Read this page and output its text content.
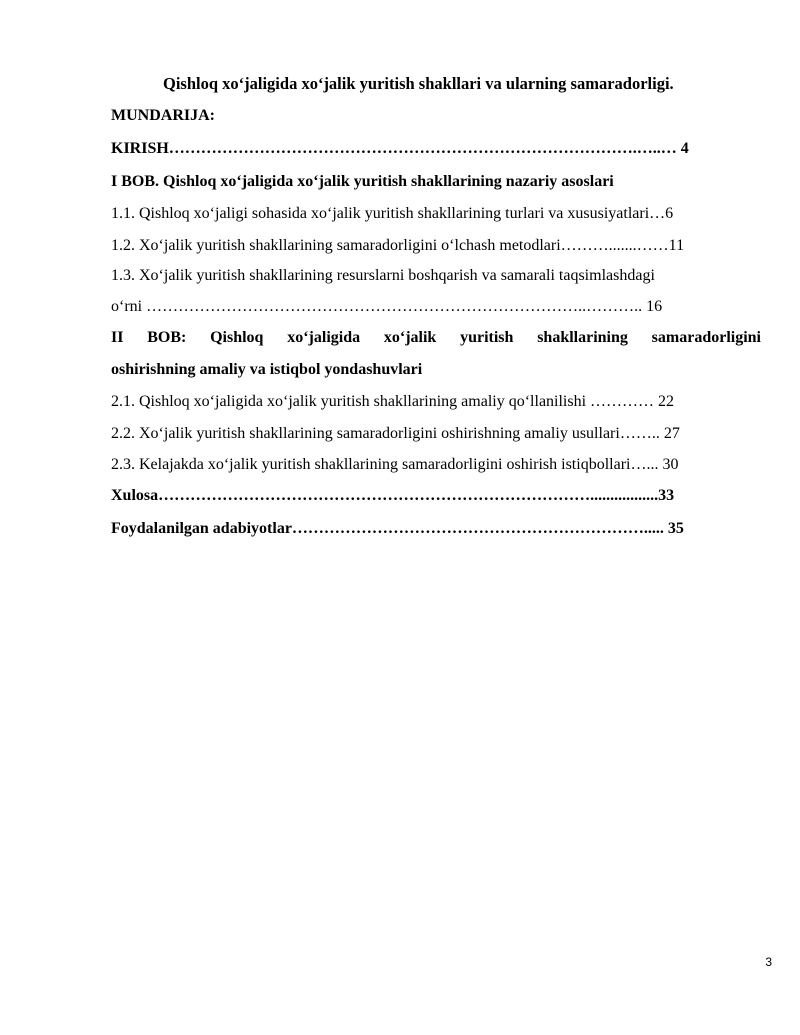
Qishloq xo‘jaligida xo‘jalik yuritish shakllari va ularning samaradorligi.
MUNDARIJA:
KIRISH…………………………………………………………………………….…..… 4
I BOB. Qishloq xo‘jaligida xo‘jalik yuritish shakllarining nazariy asoslari
1.1. Qishloq xo‘jaligi sohasida xo‘jalik yuritish shakllarining turlari va xususiyatlari…6
1.2. Xo‘jalik yuritish shakllarining samaradorligini o‘lchash metodlari……….......……11
1.3. Xo‘jalik yuritish shakllarining resurslarni boshqarish va samarali taqsimlashdagi
o‘rni ………………………………………………………………………..……….. 16
II BOB: Qishloq xo‘jaligida xo‘jalik yuritish shakllarining samaradorligini
oshirishning amaliy va istiqbol yondashuvlari
2.1. Qishloq xo‘jaligida xo‘jalik yuritish shakllarining amaliy qo‘llanilishi ………… 22
2.2. Xo‘jalik yuritish shakllarining samaradorligini oshirishning amaliy usullari…….. 27
2.3. Kelajakda xo‘jalik yuritish shakllarining samaradorligini oshirish istiqbollari…... 30
Xulosa……………………………………………………………………….................33
Foydalanilgan adabiyotlar…………………………………………………………..... 35
3
